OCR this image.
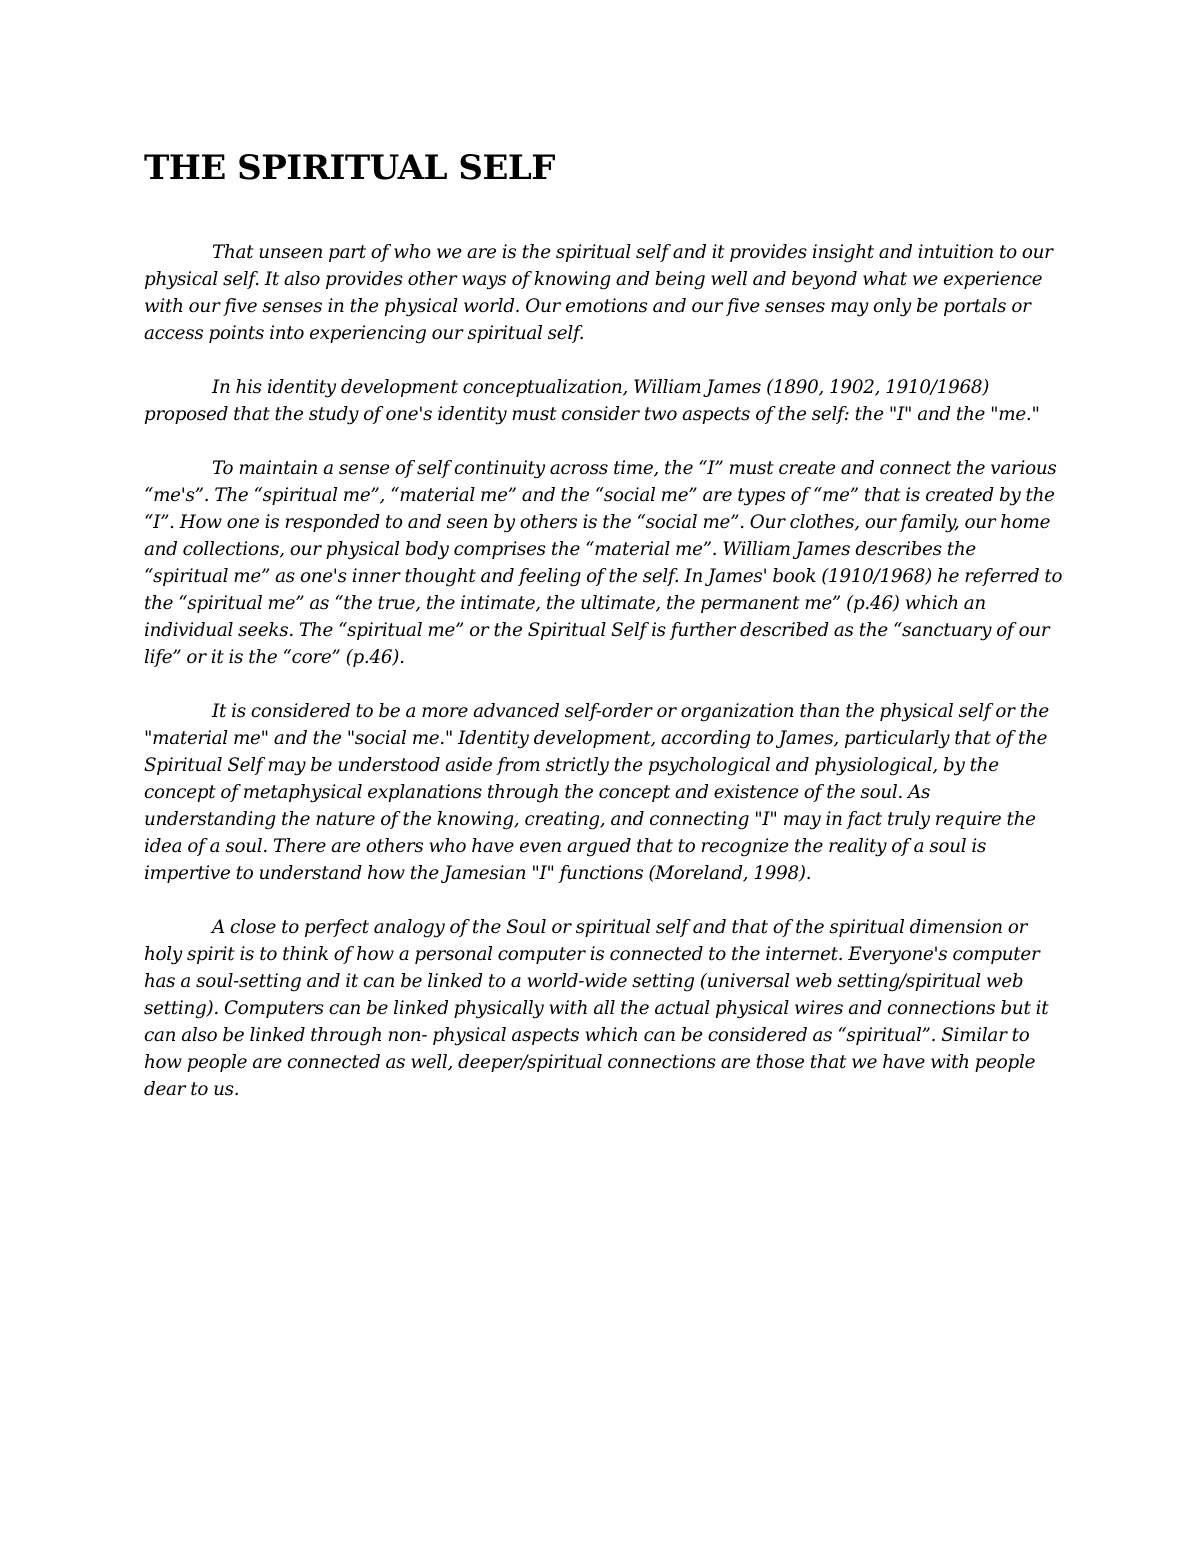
THE SPIRITUAL SELF

That unseen part of who we are is the spiritual self and it provides insight and intuition to our physical self. It also provides other ways of knowing and being well and beyond what we experience with our five senses in the physical world. Our emotions and our five senses may only be portals or access points into experiencing our spiritual self.

In his identity development conceptualization, William James (1890, 1902, 1910/1968) proposed that the study of one's identity must consider two aspects of the self: the "I" and the "me."

To maintain a sense of self continuity across time, the “I” must create and connect the various “me's”. The “spiritual me”, “material me” and the “social me” are types of “me” that is created by the “I”. How one is responded to and seen by others is the “social me”. Our clothes, our family, our home and collections, our physical body comprises the “material me”. William James describes the “spiritual me” as one's inner thought and feeling of the self. In James' book (1910/1968) he referred to the “spiritual me” as “the true, the intimate, the ultimate, the permanent me” (p.46) which an individual seeks. The “spiritual me” or the Spiritual Self is further described as the “sanctuary of our life” or it is the “core” (p.46).

It is considered to be a more advanced self-order or organization than the physical self or the "material me" and the "social me." Identity development, according to James, particularly that of the Spiritual Self may be understood aside from strictly the psychological and physiological, by the concept of metaphysical explanations through the concept and existence of the soul. As understanding the nature of the knowing, creating, and connecting "I" may in fact truly require the idea of a soul. There are others who have even argued that to recognize the reality of a soul is impertive to understand how the Jamesian "I" functions (Moreland, 1998).

A close to perfect analogy of the Soul or spiritual self and that of the spiritual dimension or holy spirit is to think of how a personal computer is connected to the internet. Everyone's computer has a soul-setting and it can be linked to a world-wide setting (universal web setting/spiritual web setting). Computers can be linked physically with all the actual physical wires and connections but it can also be linked through non- physical aspects which can be considered as “spiritual”. Similar to how people are connected as well, deeper/spiritual connections are those that we have with people dear to us.
